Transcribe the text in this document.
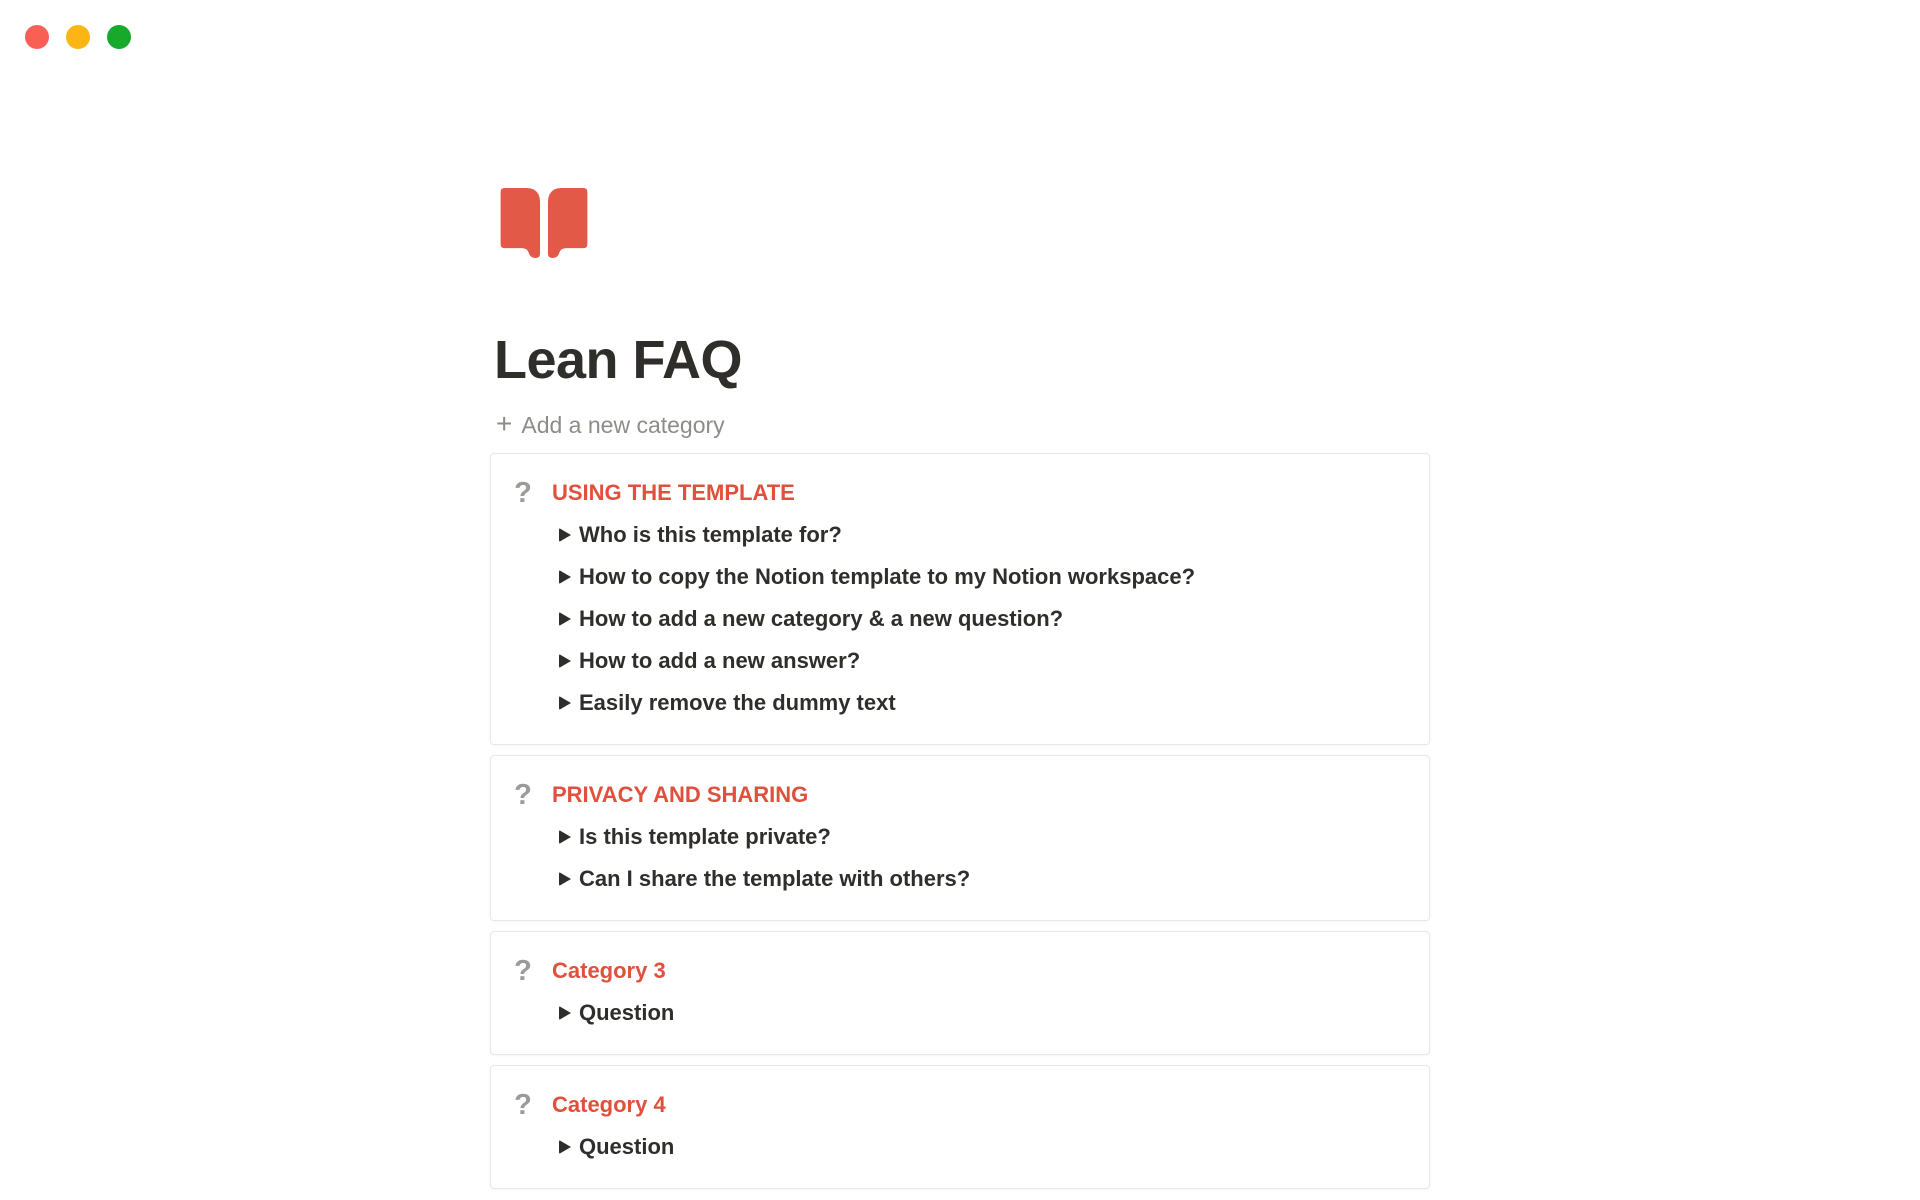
Lean FAQ
+ Add a new category
? USING THE TEMPLATE
Who is this template for?
How to copy the Notion template to my Notion workspace?
How to add a new category & a new question?
How to add a new answer?
Easily remove the dummy text
? PRIVACY AND SHARING
Is this template private?
Can I share the template with others?
? Category 3
Question
? Category 4
Question
